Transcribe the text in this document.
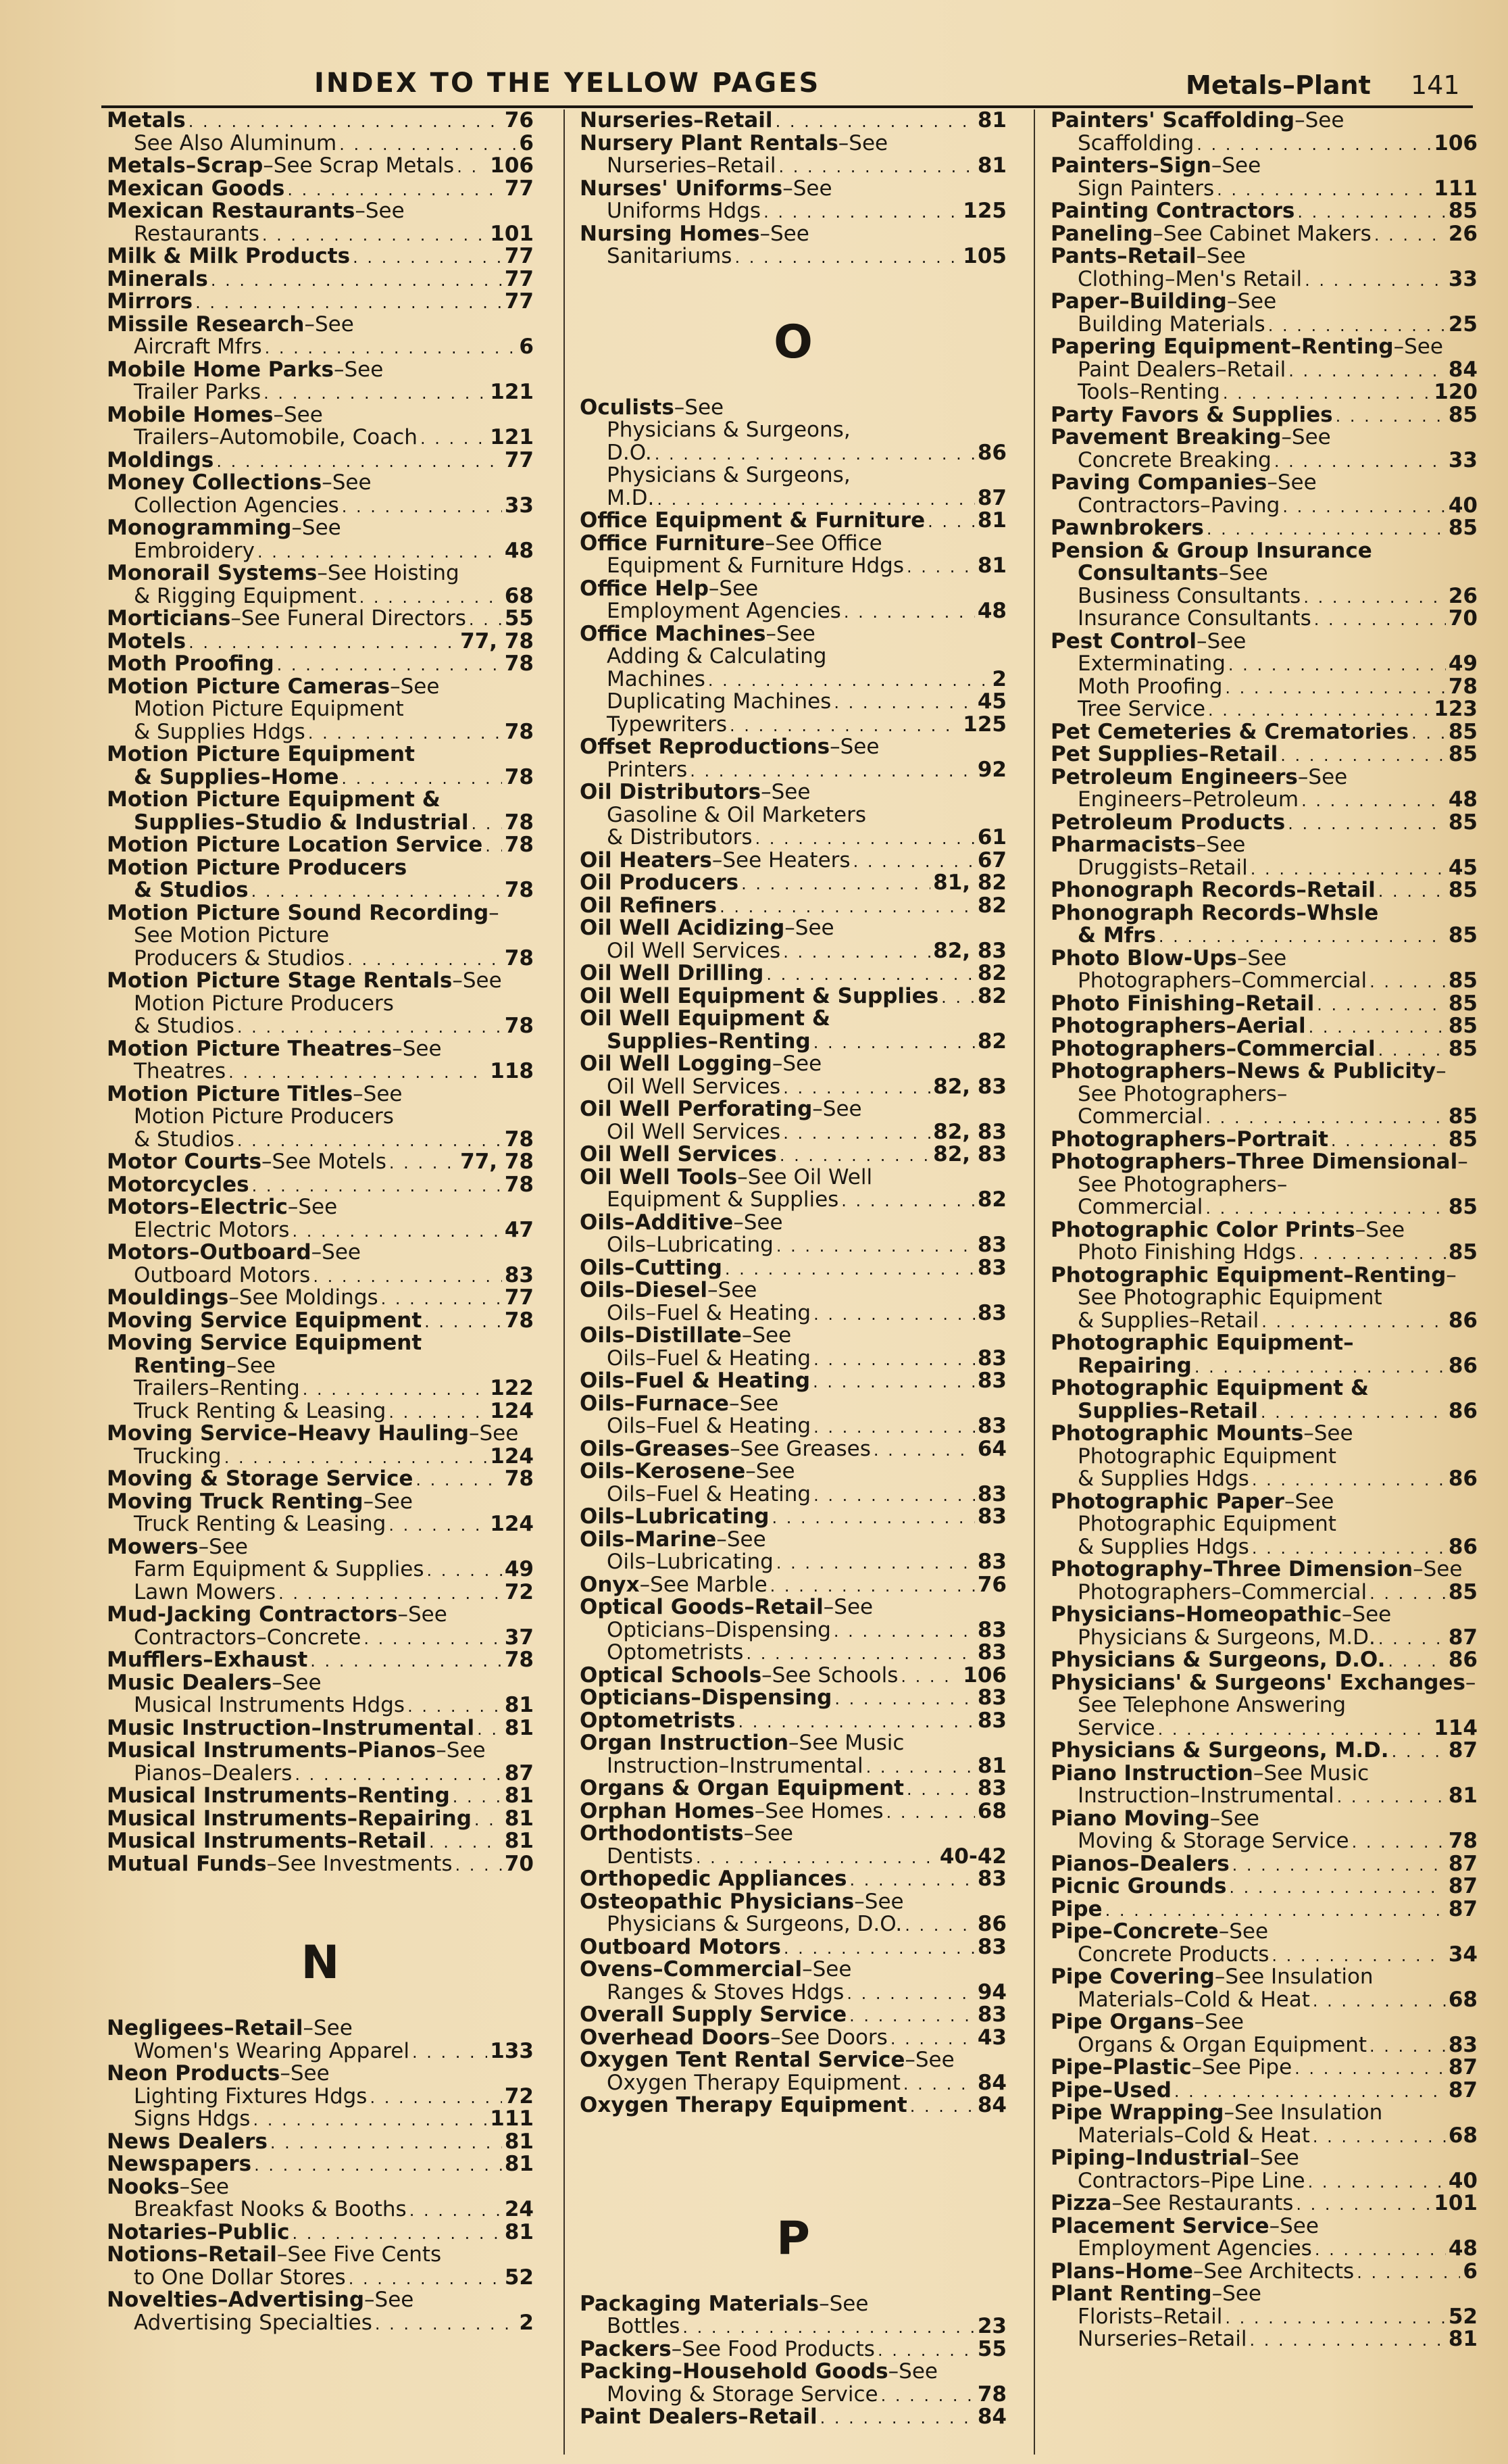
INDEX TO THE YELLOW PAGES	Metals–Plant 141
Metals . . .	76
See Also Aluminum . . .	6
Metals–Scrap–See Scrap Metals . . . 106
Mexican Goods . . .	77
Mexican Restaurants–See
Restaurants . . .	101
Milk & Milk Products . . .	77
Minerals . . .	77
Mirrors . . .	77
Missile Research–See
Aircraft Mfrs . . .	6
Mobile Home Parks–See
Trailer Parks . . .	121
Mobile Homes–See
Trailers–Automobile, Coach . . .	121
Moldings . . .	77
Money Collections–See
Collection Agencies . . .	33
Monogramming–See
Embroidery . . .	48
Monorail Systems–See Hoisting
& Rigging Equipment . . .	68
Morticians–See Funeral Directors . . . 55
Motels . . .	77, 78
Moth Proofing . . .	78
Motion Picture Cameras–See
Motion Picture Equipment
& Supplies Hdgs . . .	78
Motion Picture Equipment
& Supplies–Home . . .	78
Motion Picture Equipment &
Supplies–Studio & Industrial . . . 78
Motion Picture Location Service . . . 78
Motion Picture Producers
& Studios . . .	78
Motion Picture Sound Recording–
See Motion Picture
Producers & Studios . . .	78
Motion Picture Stage Rentals–See
Motion Picture Producers
& Studios . . .	78
Motion Picture Theatres–See
Theatres . . .	118
Motion Picture Titles–See
Motion Picture Producers
& Studios . . .	78
Motor Courts–See Motels . . .	77, 78
Motorcycles . . .	78
Motors–Electric–See
Electric Motors . . .	47
Motors–Outboard–See
Outboard Motors . . .	83
Mouldings–See Moldings . . .	77
Moving Service Equipment . . .	78
Moving Service Equipment
Renting–See
Trailers–Renting . . .	122
Truck Renting & Leasing . . .	124
Moving Service–Heavy Hauling–See
Trucking . . .	124
Moving & Storage Service . . .	78
Moving Truck Renting–See
Truck Renting & Leasing . . .	124
Mowers–See
Farm Equipment & Supplies . . .	49
Lawn Mowers . . .	72
Mud-Jacking Contractors–See
Contractors–Concrete . . .	37
Mufflers–Exhaust . . .	78
Music Dealers–See
Musical Instruments Hdgs . . .	81
Music Instruction–Instrumental . . . 81
Musical Instruments–Pianos–See
Pianos–Dealers . . .	87
Musical Instruments–Renting . . .	81
Musical Instruments–Repairing . . . 81
Musical Instruments–Retail . . .	81
Mutual Funds–See Investments . . . 70
N
Negligees–Retail–See
Women's Wearing Apparel . . .	133
Neon Products–See
Lighting Fixtures Hdgs . . .	72
Signs Hdgs . . .	111
News Dealers . . .	81
Newspapers . . .	81
Nooks–See
Breakfast Nooks & Booths . . .	24
Notaries–Public . . .	81
Notions–Retail–See Five Cents
to One Dollar Stores . . .	52
Novelties–Advertising–See
Advertising Specialties . . .	2
Nurseries–Retail . . .	81
Nursery Plant Rentals–See
Nurseries–Retail . . .	81
Nurses' Uniforms–See
Uniforms Hdgs . . .	125
Nursing Homes–See
Sanitariums . . .	105
O
Oculists–See
Physicians & Surgeons,
D.O. . . .	86
Physicians & Surgeons,
M.D. . . .	87
Office Equipment & Furniture . . .	81
Office Furniture–See Office
Equipment & Furniture Hdgs . . .	81
Office Help–See
Employment Agencies . . .	48
Office Machines–See
Adding & Calculating
Machines . . .	2
Duplicating Machines . . .	45
Typewriters . . .	125
Offset Reproductions–See
Printers . . .	92
Oil Distributors–See
Gasoline & Oil Marketers
& Distributors . . .	61
Oil Heaters–See Heaters . . .	67
Oil Producers . . .	81, 82
Oil Refiners . . .	82
Oil Well Acidizing–See
Oil Well Services . . .	82, 83
Oil Well Drilling . . .	82
Oil Well Equipment & Supplies . . . 82
Oil Well Equipment &
Supplies–Renting . . .	82
Oil Well Logging–See
Oil Well Services . . .	82, 83
Oil Well Perforating–See
Oil Well Services . . .	82, 83
Oil Well Services . . .	82, 83
Oil Well Tools–See Oil Well
Equipment & Supplies . . .	82
Oils–Additive–See
Oils–Lubricating . . .	83
Oils–Cutting . . .	83
Oils–Diesel–See
Oils–Fuel & Heating . . .	83
Oils–Distillate–See
Oils–Fuel & Heating . . .	83
Oils–Fuel & Heating . . .	83
Oils–Furnace–See
Oils–Fuel & Heating . . .	83
Oils–Greases–See Greases . . .	64
Oils–Kerosene–See
Oils–Fuel & Heating . . .	83
Oils–Lubricating . . .	83
Oils–Marine–See
Oils–Lubricating . . .	83
Onyx–See Marble . . .	76
Optical Goods–Retail–See
Opticians–Dispensing . . .	83
Optometrists . . .	83
Optical Schools–See Schools . . .	106
Opticians–Dispensing . . .	83
Optometrists . . .	83
Organ Instruction–See Music
Instruction–Instrumental . . .	81
Organs & Organ Equipment . . .	83
Orphan Homes–See Homes . . .	68
Orthodontists–See
Dentists . . .	40-42
Orthopedic Appliances . . .	83
Osteopathic Physicians–See
Physicians & Surgeons, D.O. . . .	86
Outboard Motors . . .	83
Ovens–Commercial–See
Ranges & Stoves Hdgs . . .	94
Overall Supply Service . . .	83
Overhead Doors–See Doors . . .	43
Oxygen Tent Rental Service–See
Oxygen Therapy Equipment . . .	84
Oxygen Therapy Equipment . . .	84
P
Packaging Materials–See
Bottles . . .	23
Packers–See Food Products . . .	55
Packing–Household Goods–See
Moving & Storage Service . . .	78
Paint Dealers–Retail . . .	84
Painters' Scaffolding–See
Scaffolding . . .	106
Painters–Sign–See
Sign Painters . . .	111
Painting Contractors . . .	85
Paneling–See Cabinet Makers . . .	26
Pants–Retail–See
Clothing–Men's Retail . . .	33
Paper–Building–See
Building Materials . . .	25
Papering Equipment–Renting–See
Paint Dealers–Retail . . .	84
Tools–Renting . . .	120
Party Favors & Supplies . . .	85
Pavement Breaking–See
Concrete Breaking . . .	33
Paving Companies–See
Contractors–Paving . . .	40
Pawnbrokers . . .	85
Pension & Group Insurance
Consultants–See
Business Consultants . . .	26
Insurance Consultants . . .	70
Pest Control–See
Exterminating . . .	49
Moth Proofing . . .	78
Tree Service . . .	123
Pet Cemeteries & Crematories . . . 85
Pet Supplies–Retail . . .	85
Petroleum Engineers–See
Engineers–Petroleum . . .	48
Petroleum Products . . .	85
Pharmacists–See
Druggists–Retail . . .	45
Phonograph Records–Retail . . .	85
Phonograph Records–Whsle
& Mfrs . . .	85
Photo Blow-Ups–See
Photographers–Commercial . . .	85
Photo Finishing–Retail . . .	85
Photographers–Aerial . . .	85
Photographers–Commercial . . .	85
Photographers–News & Publicity–
See Photographers–
Commercial . . .	85
Photographers–Portrait . . .	85
Photographers–Three Dimensional–
See Photographers–
Commercial . . .	85
Photographic Color Prints–See
Photo Finishing Hdgs . . .	85
Photographic Equipment–Renting–
See Photographic Equipment
& Supplies–Retail . . .	86
Photographic Equipment–
Repairing . . .	86
Photographic Equipment &
Supplies–Retail . . .	86
Photographic Mounts–See
Photographic Equipment
& Supplies Hdgs . . .	86
Photographic Paper–See
Photographic Equipment
& Supplies Hdgs . . .	86
Photography–Three Dimension–See
Photographers–Commercial . . .	85
Physicians–Homeopathic–See
Physicians & Surgeons, M.D. . . .	87
Physicians & Surgeons, D.O. . . .	86
Physicians' & Surgeons' Exchanges–
See Telephone Answering
Service . . .	114
Physicians & Surgeons, M.D. . . .	87
Piano Instruction–See Music
Instruction–Instrumental . . .	81
Piano Moving–See
Moving & Storage Service . . .	78
Pianos–Dealers . . .	87
Picnic Grounds . . .	87
Pipe . . .	87
Pipe–Concrete–See
Concrete Products . . .	34
Pipe Covering–See Insulation
Materials–Cold & Heat . . .	68
Pipe Organs–See
Organs & Organ Equipment . . .	83
Pipe–Plastic–See Pipe . . .	87
Pipe–Used . . .	87
Pipe Wrapping–See Insulation
Materials–Cold & Heat . . .	68
Piping–Industrial–See
Contractors–Pipe Line . . .	40
Pizza–See Restaurants . . .	101
Placement Service–See
Employment Agencies . . .	48
Plans–Home–See Architects . . .	6
Plant Renting–See
Florists–Retail . . .	52
Nurseries–Retail . . .	81
